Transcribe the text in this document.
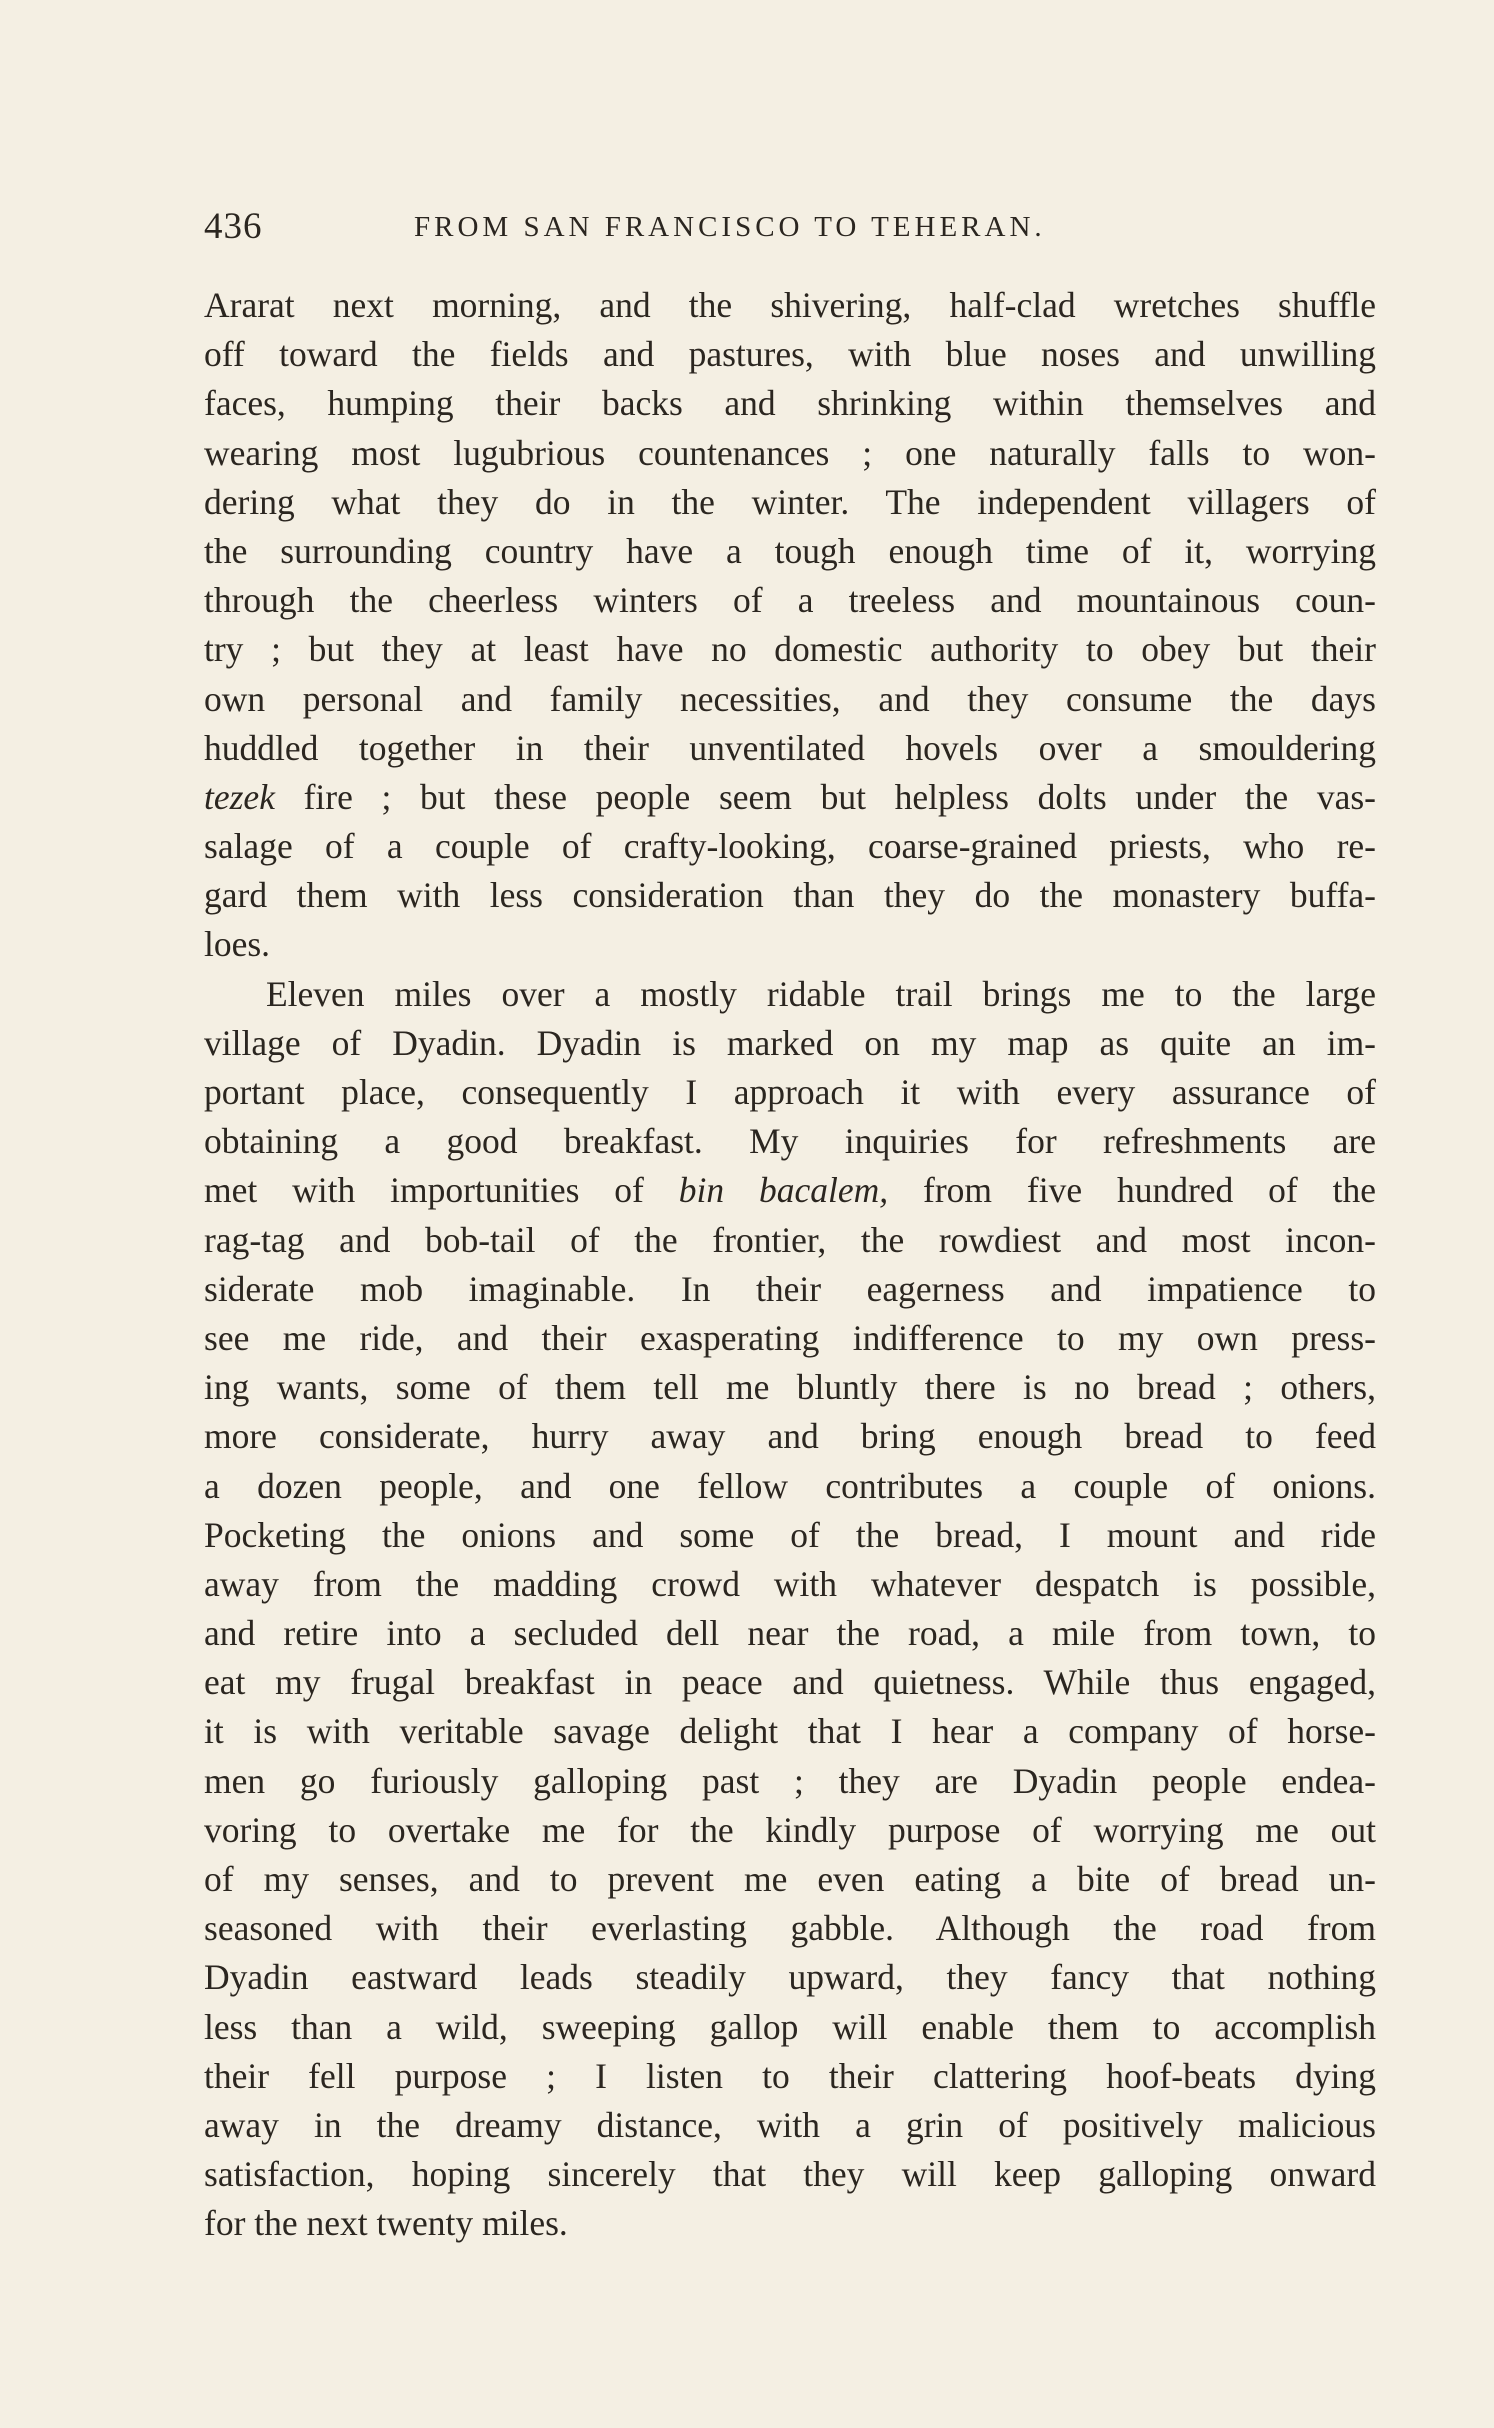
436	FROM SAN FRANCISCO TO TEHERAN.
Ararat next morning, and the shivering, half-clad wretches shuffle
off toward the fields and pastures, with blue noses and unwilling
faces, humping their backs and shrinking within themselves and
wearing most lugubrious countenances ; one naturally falls to won-
dering what they do in the winter. The independent villagers of
the surrounding country have a tough enough time of it, worrying
through the cheerless winters of a treeless and mountainous coun-
try ; but they at least have no domestic authority to obey but their
own personal and family necessities, and they consume the days
huddled together in their unventilated hovels over a smouldering
tezek fire ; but these people seem but helpless dolts under the vas-
salage of a couple of crafty-looking, coarse-grained priests, who re-
gard them with less consideration than they do the monastery buffa-
loes.
Eleven miles over a mostly ridable trail brings me to the large
village of Dyadin. Dyadin is marked on my map as quite an im-
portant place, consequently I approach it with every assurance of
obtaining a good breakfast. My inquiries for refreshments are
met with importunities of bin bacalem, from five hundred of the
rag-tag and bob-tail of the frontier, the rowdiest and most incon-
siderate mob imaginable. In their eagerness and impatience to
see me ride, and their exasperating indifference to my own press-
ing wants, some of them tell me bluntly there is no bread ; others,
more considerate, hurry away and bring enough bread to feed
a dozen people, and one fellow contributes a couple of onions.
Pocketing the onions and some of the bread, I mount and ride
away from the madding crowd with whatever despatch is possible,
and retire into a secluded dell near the road, a mile from town, to
eat my frugal breakfast in peace and quietness. While thus engaged,
it is with veritable savage delight that I hear a company of horse-
men go furiously galloping past ; they are Dyadin people endea-
voring to overtake me for the kindly purpose of worrying me out
of my senses, and to prevent me even eating a bite of bread un-
seasoned with their everlasting gabble. Although the road from
Dyadin eastward leads steadily upward, they fancy that nothing
less than a wild, sweeping gallop will enable them to accomplish
their fell purpose ; I listen to their clattering hoof-beats dying
away in the dreamy distance, with a grin of positively malicious
satisfaction, hoping sincerely that they will keep galloping onward
for the next twenty miles.
